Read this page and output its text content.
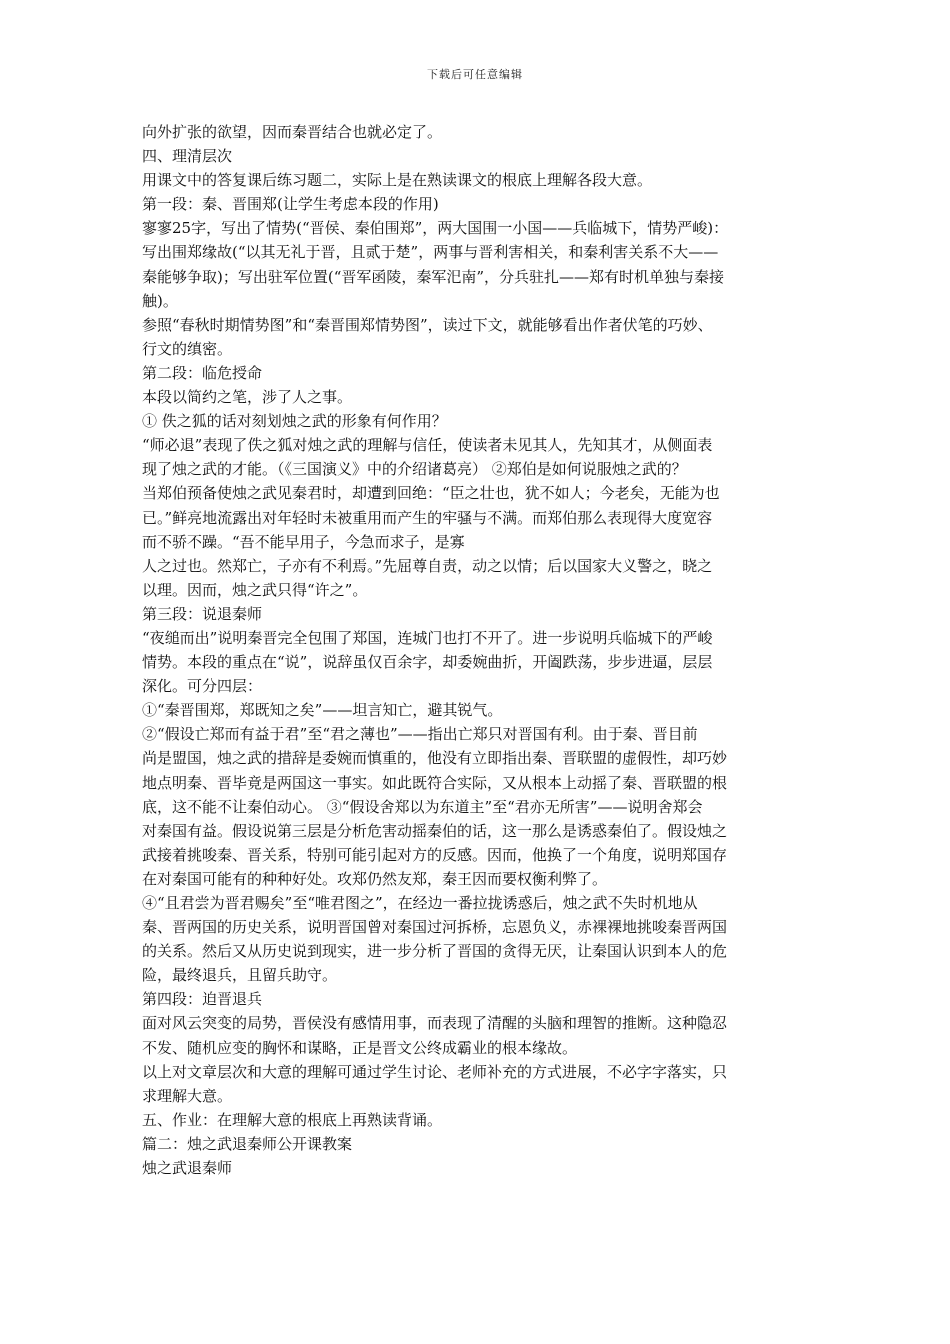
下载后可任意编辑
向外扩张的欲望，因而秦晋结合也就必定了。
四、理清层次
用课文中的答复课后练习题二，实际上是在熟读课文的根底上理解各段大意。
第一段：秦、晋围郑(让学生考虑本段的作用)
寥寥25字，写出了情势(“晋侯、秦伯围郑”，两大国围一小国——兵临城下，情势严峻)：
写出围郑缘故(“以其无礼于晋，且贰于楚”，两事与晋利害相关，和秦利害关系不大——
秦能够争取)；写出驻军位置(“晋军函陵，秦军汜南”，分兵驻扎——郑有时机单独与秦接
触)。
参照“春秋时期情势图”和“秦晋围郑情势图”，读过下文，就能够看出作者伏笔的巧妙、
行文的缜密。
第二段：临危授命
本段以简约之笔，涉了人之事。
① 佚之狐的话对刻划烛之武的形象有何作用？
“师必退”表现了佚之狐对烛之武的理解与信任，使读者未见其人，先知其才，从侧面表
现了烛之武的才能。（《三国演义》中的介绍诸葛亮） ②郑伯是如何说服烛之武的？
当郑伯预备使烛之武见秦君时，却遭到回绝：“臣之壮也，犹不如人；今老矣，无能为也
已。”鲜亮地流露出对年轻时未被重用而产生的牢骚与不满。而郑伯那么表现得大度宽容
而不骄不躁。“吾不能早用子，今急而求子，是寡
人之过也。然郑亡，子亦有不利焉。”先屈尊自责，动之以情；后以国家大义警之，晓之
以理。因而，烛之武只得“许之”。
第三段：说退秦师
“夜缒而出”说明秦晋完全包围了郑国，连城门也打不开了。进一步说明兵临城下的严峻
情势。本段的重点在“说”，说辞虽仅百余字，却委婉曲折，开阖跌荡，步步进逼，层层
深化。可分四层：
①“秦晋围郑，郑既知之矣”——坦言知亡，避其锐气。
②“假设亡郑而有益于君”至“君之薄也”——指出亡郑只对晋国有利。由于秦、晋目前
尚是盟国，烛之武的措辞是委婉而慎重的，他没有立即指出秦、晋联盟的虚假性，却巧妙
地点明秦、晋毕竟是两国这一事实。如此既符合实际，又从根本上动摇了秦、晋联盟的根
底，这不能不让秦伯动心。 ③“假设舍郑以为东道主”至“君亦无所害”——说明舍郑会
对秦国有益。假设说第三层是分析危害动摇秦伯的话，这一那么是诱惑秦伯了。假设烛之
武接着挑唆秦、晋关系，特别可能引起对方的反感。因而，他换了一个角度，说明郑国存
在对秦国可能有的种种好处。攻郑仍然友郑，秦王因而要权衡利弊了。
④“且君尝为晋君赐矣”至“唯君图之”，在经边一番拉拢诱惑后，烛之武不失时机地从
秦、晋两国的历史关系，说明晋国曾对秦国过河拆桥，忘恩负义，赤裸裸地挑唆秦晋两国
的关系。然后又从历史说到现实，进一步分析了晋国的贪得无厌，让秦国认识到本人的危
险，最终退兵，且留兵助守。
第四段：迫晋退兵
面对风云突变的局势，晋侯没有感情用事，而表现了清醒的头脑和理智的推断。这种隐忍
不发、随机应变的胸怀和谋略，正是晋文公终成霸业的根本缘故。
以上对文章层次和大意的理解可通过学生讨论、老师补充的方式进展，不必字字落实，只
求理解大意。
五、作业：在理解大意的根底上再熟读背诵。
篇二：烛之武退秦师公开课教案
烛之武退秦师
